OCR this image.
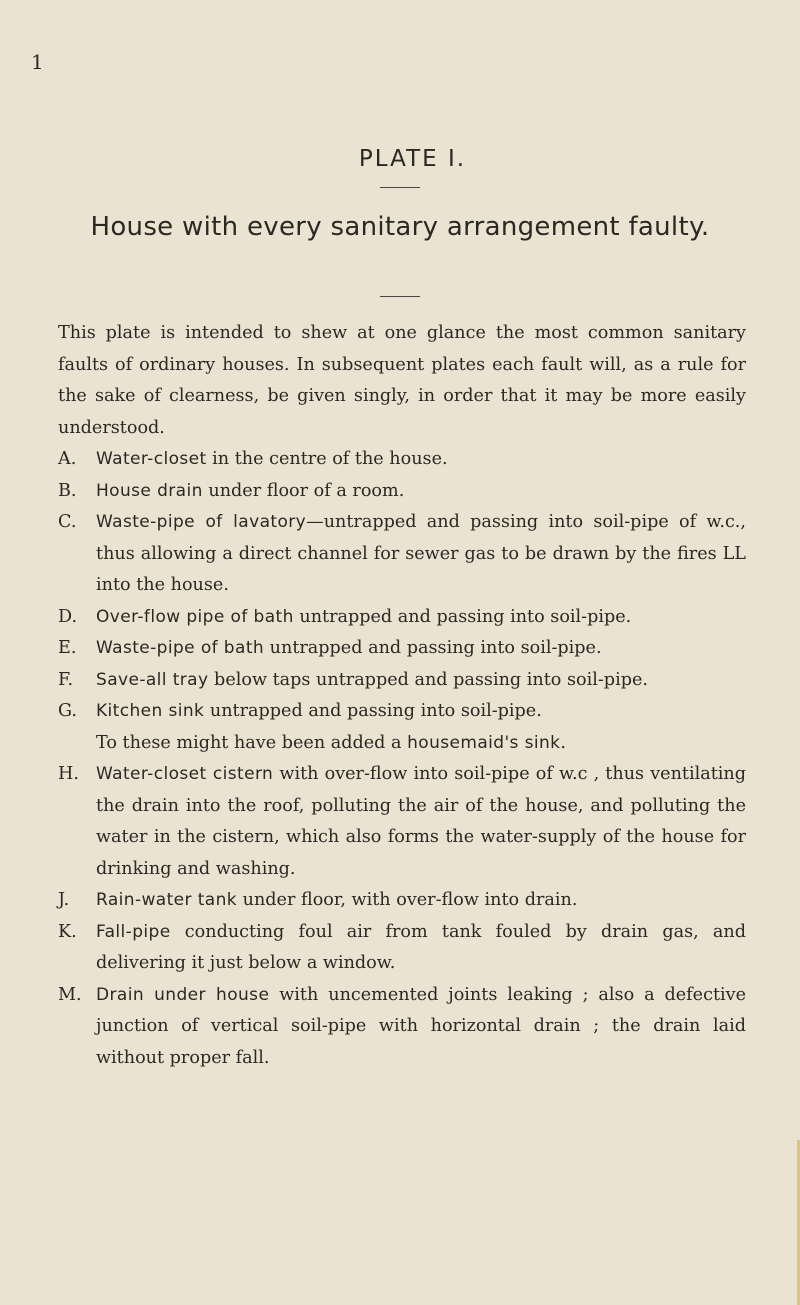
1
PLATE I.
House with every sanitary arrangement faulty.
This plate is intended to shew at one glance the most common sanitary faults of ordinary houses. In subsequent plates each fault will, as a rule for the sake of clearness, be given singly, in order that it may be more easily understood.
A. Water-closet in the centre of the house.
B. House drain under floor of a room.
C. Waste-pipe of lavatory—untrapped and passing into soil-pipe of w.c., thus allowing a direct channel for sewer gas to be drawn by the fires LL into the house.
D. Over-flow pipe of bath untrapped and passing into soil-pipe.
E. Waste-pipe of bath untrapped and passing into soil-pipe.
F. Save-all tray below taps untrapped and passing into soil-pipe.
G. Kitchen sink untrapped and passing into soil-pipe.
To these might have been added a housemaid's sink.
H. Water-closet cistern with over-flow into soil-pipe of w.c , thus ventilating the drain into the roof, polluting the air of the house, and polluting the water in the cistern, which also forms the water-supply of the house for drinking and washing.
J. Rain-water tank under floor, with over-flow into drain.
K. Fall-pipe conducting foul air from tank fouled by drain gas, and delivering it just below a window.
M. Drain under house with uncemented joints leaking ; also a defective junction of vertical soil-pipe with horizontal drain ; the drain laid without proper fall.
